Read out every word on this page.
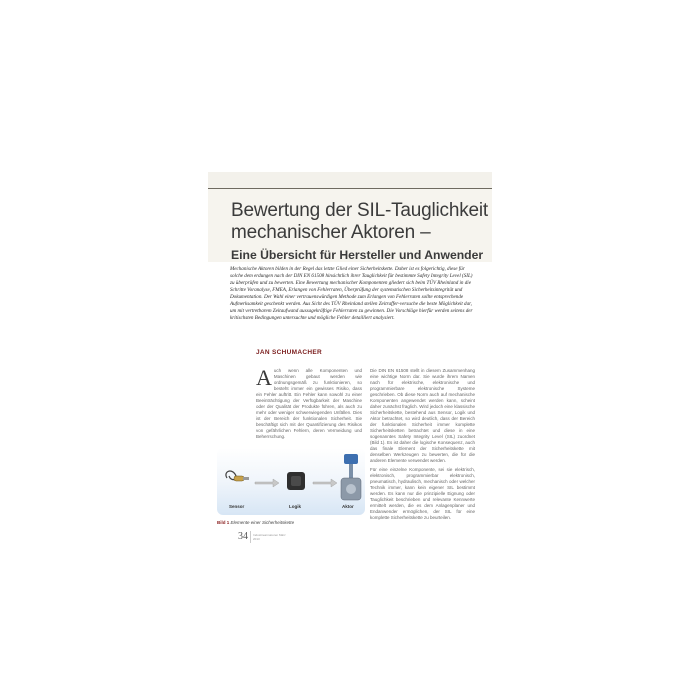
Bewertung der SIL-Tauglichkeit mechanischer Aktoren –
Eine Übersicht für Hersteller und Anwender

Mechanische Aktoren bilden in der Regel das letzte Glied einer Sicherheitskette. Daher ist es folgerichtig, diese für solche dem erdungen nach der DIN EN 61508 hinsichtlich ihrer Tauglichkeit für bestimmte Safety Integrity Level (SIL) zu überprüfen und zu bewerten. Eine Bewertung mechanischer Komponenten gliedert sich beim TÜV Rheinland in die Schritte Voranalyse, FMEA, Erlangen von Fehlerraten, Überprüfung der systematischen Sicherheitsintegrität und Dokumentation. Der Wahl einer vertrauenswürdigen Methode zum Erlangen von Fehlerraten sollte entsprechende Aufmerksamkeit geschenkt werden. Aus Sicht des TÜV Rheinland stellen Zeitraffer-versuche die beste Möglichkeit dar, um mit vertretbarem Zeitaufwand aussagekräftige Fehlerraten zu gewinnen. Die Vorschläge hierfür werden seitens der kritischsten Bedingungen untersuchte und mögliche Fehler detailliert analysiert.

JAN SCHUMACHER

Auch wenn alle Komponenten und Maschinen gebaut werden wie ordnungsgemäß zu funktionieren, so besteht immer ein gewisses Risiko, dass ein Fehler auftritt. Ein Fehler kann sowohl zu einer Beeinträchtigung der Verfügbarkeit der Maschine oder der Qualität der Produkte führen, als auch zu mehr oder weniger schwerwiegenden Unfällen. Dies ist der Bereich der funktionalen Sicherheit. Sie beschäftigt sich mit der Quantifizierung des Risikos von gefährlichen Fehlern, deren Vermeidung und Beherrschung.

Die DIN EN 61508 stellt in diesem Zusammenhang eine wichtige Norm dar. Sie wurde ihrem Namen nach für elektrische, elektronische und programmierbare elektronische Systeme geschrieben. Ob diese Norm auch auf mechanische Komponenten angewendet werden kann, scheint daher zunächst fraglich. Wird jedoch eine klassische Sicherheitskette, bestehend aus Sensor, Logik und Aktor betrachtet, so wird deutlich, dass der Bereich der funktionalen Sicherheit immer komplette Sicherheitsketten betrachtet und diese in eine sogenanntes Safety Integrity Level (SIL) zuordnet (Bild 1). Es ist daher die logische Konsequenz, auch das finale Element der Sicherheitskette mit denselben Werkzeugen zu bewerten, die für die anderen Elemente verwendet werden.

Für eine einzelne Komponente, sei sie elektrisch, elektronisch, programmierbar elektronisch, pneumatisch, hydraulisch, mechanisch oder welcher Technik immer, kann kein eigener SIL bestimmt werden. Es kann nur die prinzipielle Eignung oder Tauglichkeit beschrieben und relevante Kennwerte ermittelt werden, die es dem Anlagenplaner und Endanwender ermöglichen, der SIL für eine komplette Sicherheitskette zu beurteilen.

Sensor	Logik	Aktor
Bild 1 Elemente einer Sicherheitskette
34 Industriearmaturen März 2013
